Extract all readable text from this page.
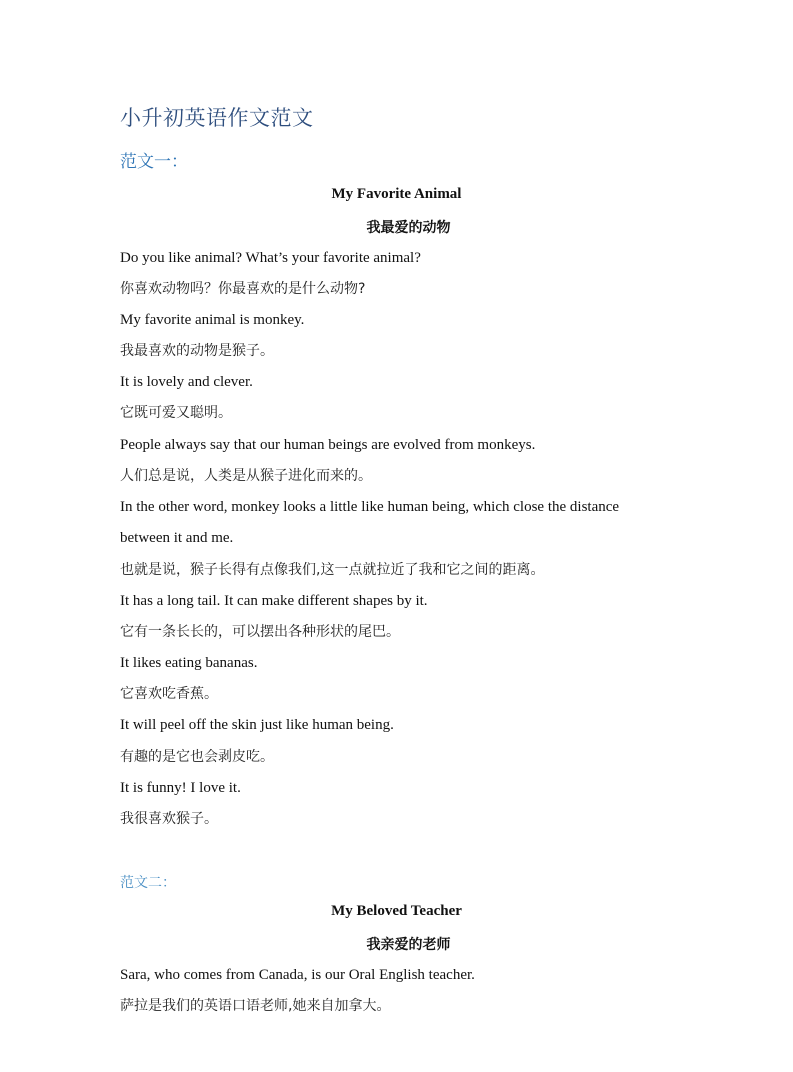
小升初英语作文范文
范文一：
My Favorite Animal
我最爱的动物
Do you like animal? What’s your favorite animal?
你喜欢动物吗？你最喜欢的是什么动物?
My favorite animal is monkey.
我最喜欢的动物是猴子。
It is lovely and clever.
它既可爱又聪明。
People always say that our human beings are evolved from monkeys.
人们总是说，人类是从猴子进化而来的。
In the other word, monkey looks a little like human being, which close the distance
between it and me.
也就是说，猴子长得有点像我们,这一点就拉近了我和它之间的距离。
It has a long tail. It can make different shapes by it.
它有一条长长的，可以摆出各种形状的尾巴。
It likes eating bananas.
它喜欢吃香蕉。
It will peel off the skin just like human being.
有趣的是它也会剥皮吃。
It is funny! I love it.
我很喜欢猴子。
范文二：
My Beloved Teacher
我亲爱的老师
Sara, who comes from Canada, is our Oral English teacher.
萨拉是我们的英语口语老师,她来自加拿大。
